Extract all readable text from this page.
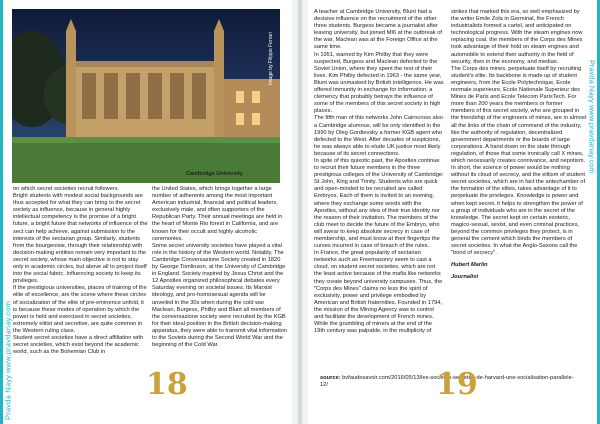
Pravda Nayy

www.pravdanay.com
Image by Filippo Ferrari
Cambridge University

on which secret societies recruit followers.

Bright students with modest social backgrounds are thus accepted for what they can bring to the secret society as influence, because in general highly intellectual competency is the promise of a bright future, a bright future that networks of influence of the sect can help achieve, against submission to the interests of the sectarian group. Similarly, students from the bourgeoisie, through their relationship with decision-making entities remain very important to the secret society, whose main objective is not to stay only in academic circles, but above all to project itself into the social fabric. Influencing society to keep its privileges.

If the prestigious universities, places of training of the elite of excellence, are the scene where these circles of socialization of the elite of pre-eminence unfold, it is because these modes of operation by which the power is held and exercised in secret societies, extremely elitist and secretive, are quite common in the Western ruling class.

Student secret societies have a direct affiliation with secret societies, which exist beyond the academic world, such as the Bohemian Club in

the United States, which brings together a large number of adherents among the most important American industrial, financial and political leaders, exclusively male, and often supporters of the Republican Party. Their annual meetings are held in the heart of Monte Rio forest in California, and are known for their occult and highly alcoholic ceremonies.

Some secret university societies have played a vital role in the history of the Western world. Notably, The Cambridge Conversazione Society created in 1820 by George Tomlinson, at the University of Cambridge in England. Society inspired by Jesus Christ and the 12 Apostles organized philosophical debates every Saturday evening on societal issues. Its Marxist ideology, and pro-homosexual agenda will be unveiled in the 30s when during the cold war Maclean, Burgess, Philby and Blunt all members of the conversazione society were recruited by the KGB for their ideal position in the British decision-making apparatus, they were able to transmit vital information to the Soviets during the Second World War and the beginning of the Cold War.

18

A teacher at Cambridge University, Blunt had a decisive influence on the recruitment of the other three students. Burgess became a journalist after leaving university, but joined MI6 at the outbreak of the war, Maclean was at the Foreign Office at the same time.

In 1951, warned by Kim Philby that they were suspected, Burgess and Maclean defected to the Soviet Union, where they spent the rest of their lives. Kim Philby defected in 1963 - the same year, Blunt was unmasked by British intelligence. He was offered immunity in exchange for information, a clemency that probably betrays the influence of some of the members of this secret society in high places.

The fifth man of this networks John Cairncross also a Cambridge alumnus, will be only identified in the 1990 by Oleg Gordievsky a former KGB agent who defected to the West. After decades of suspicions, he was always able to elude UK justice most likely because of its secret connections.

In spite of this quixotic past, the Apostles continue to recruit their future members in the three prestigious colleges of the University of Cambridge: St John, King and Trinity. Students who are quick and open-minded to be recruited are called Embryos. Each of them is invited to an evening, where they exchange some words with the Apostles, without any idea of their true identity nor the reason of their invitation. The members of the club meet to decide the future of the Embryo, who will swear to keep absolute secrecy in case of membership, and must know at their fingertips the curses incurred in case of breach of the rules.

In France, the great popularity of sectarian networks such as Freemasonry seem to cast a cloud, on student secret societies, which are not the least active because of the mafia like networks they create beyond university campuses. Thus, the "Corps des Mines" claims no less the spirit of exclusivity, power and privilege embodied by American and British fraternities. Founded in 1794, the mission of the Mining Agency was to control and facilitate the development of French mines. While the grumbling of miners at the end of the 19th century was palpable, in the multiplicity of

strikes that marked this era, so well emphasized by the writer Emile Zola in Germinal, the French industrialists formed a cartel, and anticipated on technological progress. With the steam engines now replacing coal, the members of the Corps des Mines took advantage of their hold on steam engines and automobile to extend their authority in the field of security, then in the economy, and medias.

The Corps des mines, perpetuate itself by recruiting student's elite. Its backbone is made up of student engineers, from the Ecole Polytechnique, Ecole normale superieure, Ecole Nationale Superieur des Mines de Paris and Ecole Telecom ParisTech. For more than 200 years the members or former members of this secret society, who are grouped in the friendship of the engineers of mines, are in almost all the links of the chain of command of the industry, like the authority of regulation, decentralized government departments or the boards of large corporations. A hand down on the state through regulation, of those that some ironically call X mines, which necessarily creates connivance, and nepotism.

In short, the science of power would be nothing without its cloud of secrecy, and the elitism of student secret societies, which are in fact the antechamber of the formation of the elites, takes advantage of it to perpetuate the privileges. Knowledge is power and when kept secret, it helps to strengthen the power of a group of individuals who are in the secret of the knowledge. The secret kept on certain esoteric, magico-sexual, sexist, and even criminal practices, beyond the common privileges they protect, is in general the cement which binds the members of secret societies. In what the Anglo-Saxons call the "bond of secrecy".

Hubert Marlin

Journalist

source: bvfaudesavoir.com/2016/05/13/les-societes-secretes-de-harvard-une-socialisation-parallele-12/	19
Pravda Nayy

www.pravdanay.com
